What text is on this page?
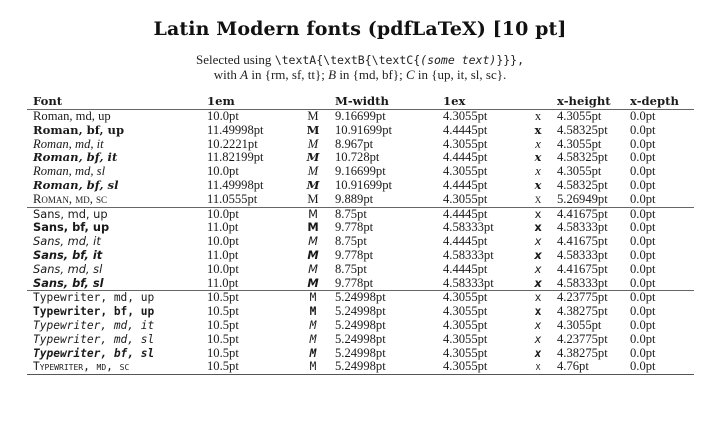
Latin Modern fonts (pdfLaTeX) [10 pt]
Selected using \textA{\textB{\textC{(some text)}}},
with A in {rm, sf, tt}; B in {md, bf}; C in {up, it, sl, sc}.
Font	1em	M-width	1ex	x-height x-depth
Roman, md, up	10.0pt	M 9.16699pt	4.3055pt	x	4.3055pt 0.0pt
Roman, bf, up	11.49998pt	M 10.91699pt	4.4445pt	x 4.58325pt 0.0pt
Roman, md, it	10.2221pt	M 8.967pt	4.3055pt	x	4.3055pt 0.0pt
Roman, bf, it	11.82199pt	M 10.728pt	4.4445pt	x 4.58325pt 0.0pt
Roman, md, sl	10.0pt	M 9.16699pt	4.3055pt	x	4.3055pt 0.0pt
Roman, bf, sl	11.49998pt	M 10.91699pt	4.4445pt	x 4.58325pt 0.0pt
Roman, md, sc	11.0555pt	M 9.889pt	4.3055pt	x 5.26949pt 0.0pt
Sans, md, up	10.0pt	M 8.75pt	4.4445pt	x 4.41675pt 0.0pt
Sans, bf, up	11.0pt	M 9.778pt	4.58333pt	x 4.58333pt 0.0pt
Sans, md, it	10.0pt	M 8.75pt	4.4445pt	x 4.41675pt 0.0pt
Sans, bf, it	11.0pt	M 9.778pt	4.58333pt	x 4.58333pt 0.0pt
Sans, md, sl	10.0pt	M 8.75pt	4.4445pt	x 4.41675pt 0.0pt
Sans, bf, sl	11.0pt	M 9.778pt	4.58333pt	x 4.58333pt 0.0pt
Typewriter, md, up	10.5pt	M	5.24998pt	4.3055pt	x 4.23775pt 0.0pt
Typewriter, bf, up	10.5pt	M	5.24998pt	4.3055pt	x 4.38275pt 0.0pt
Typewriter, md, it	10.5pt	M	5.24998pt	4.3055pt	x 4.3055pt 0.0pt
Typewriter, md, sl	10.5pt	M	5.24998pt	4.3055pt	x 4.23775pt 0.0pt
Typewriter, bf, sl	10.5pt	M	5.24998pt	4.3055pt	x 4.38275pt 0.0pt
Typewriter, md, sc	10.5pt	M	5.24998pt	4.3055pt	x	4.76pt	0.0pt
